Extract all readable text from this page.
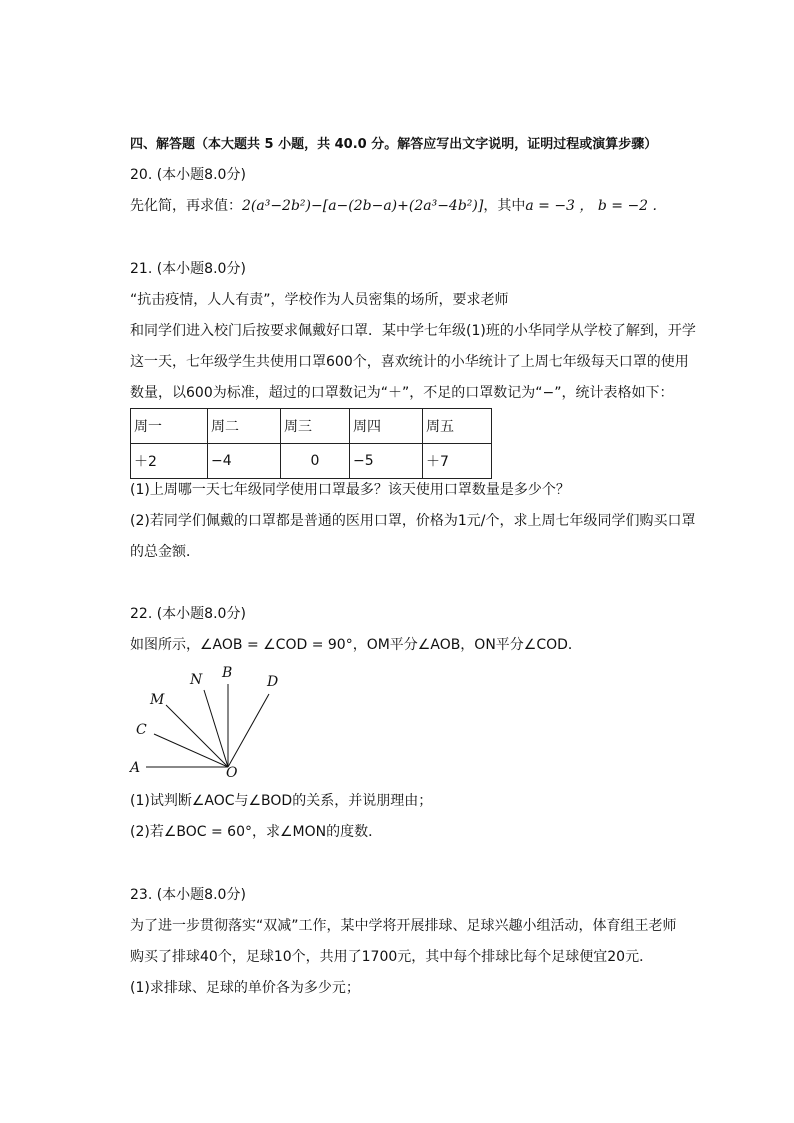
四、解答题（本大题共 5 小题，共 40.0 分。解答应写出文字说明，证明过程或演算步骤）
20. (本小题8.0分)
先化简，再求值：2(a³−2b²)−[a−(2b−a)+(2a³−4b²)]，其中a = −3 ， b = −2 .
21. (本小题8.0分)
“抗击疫情，人人有责”，学校作为人员密集的场所，要求老师
和同学们进入校门后按要求佩戴好口罩．某中学七年级(1)班的小华同学从学校了解到，开学
这一天，七年级学生共使用口罩600个，喜欢统计的小华统计了上周七年级每天口罩的使用
数量，以600为标准，超过的口罩数记为“＋”，不足的口罩数记为“−”，统计表格如下：
周一	周二	周三	周四	周五
＋2	−4	0	−5	＋7
(1)上周哪一天七年级同学使用口罩最多？该天使用口罩数量是多少个？
(2)若同学们佩戴的口罩都是普通的医用口罩，价格为1元/个，求上周七年级同学们购买口罩
的总金额．
22. (本小题8.0分)
如图所示，∠AOB = ∠COD = 90°，OM平分∠AOB，ON平分∠COD．
A
C
M
N B
D
O
(1)试判断∠AOC与∠BOD的关系，并说朋理由；
(2)若∠BOC = 60°，求∠MON的度数．
23. (本小题8.0分)
为了进一步贯彻落实“双减”工作，某中学将开展排球、足球兴趣小组活动，体育组王老师
购买了排球40个，足球10个，共用了1700元，其中每个排球比每个足球便宜20元．
(1)求排球、足球的单价各为多少元；
